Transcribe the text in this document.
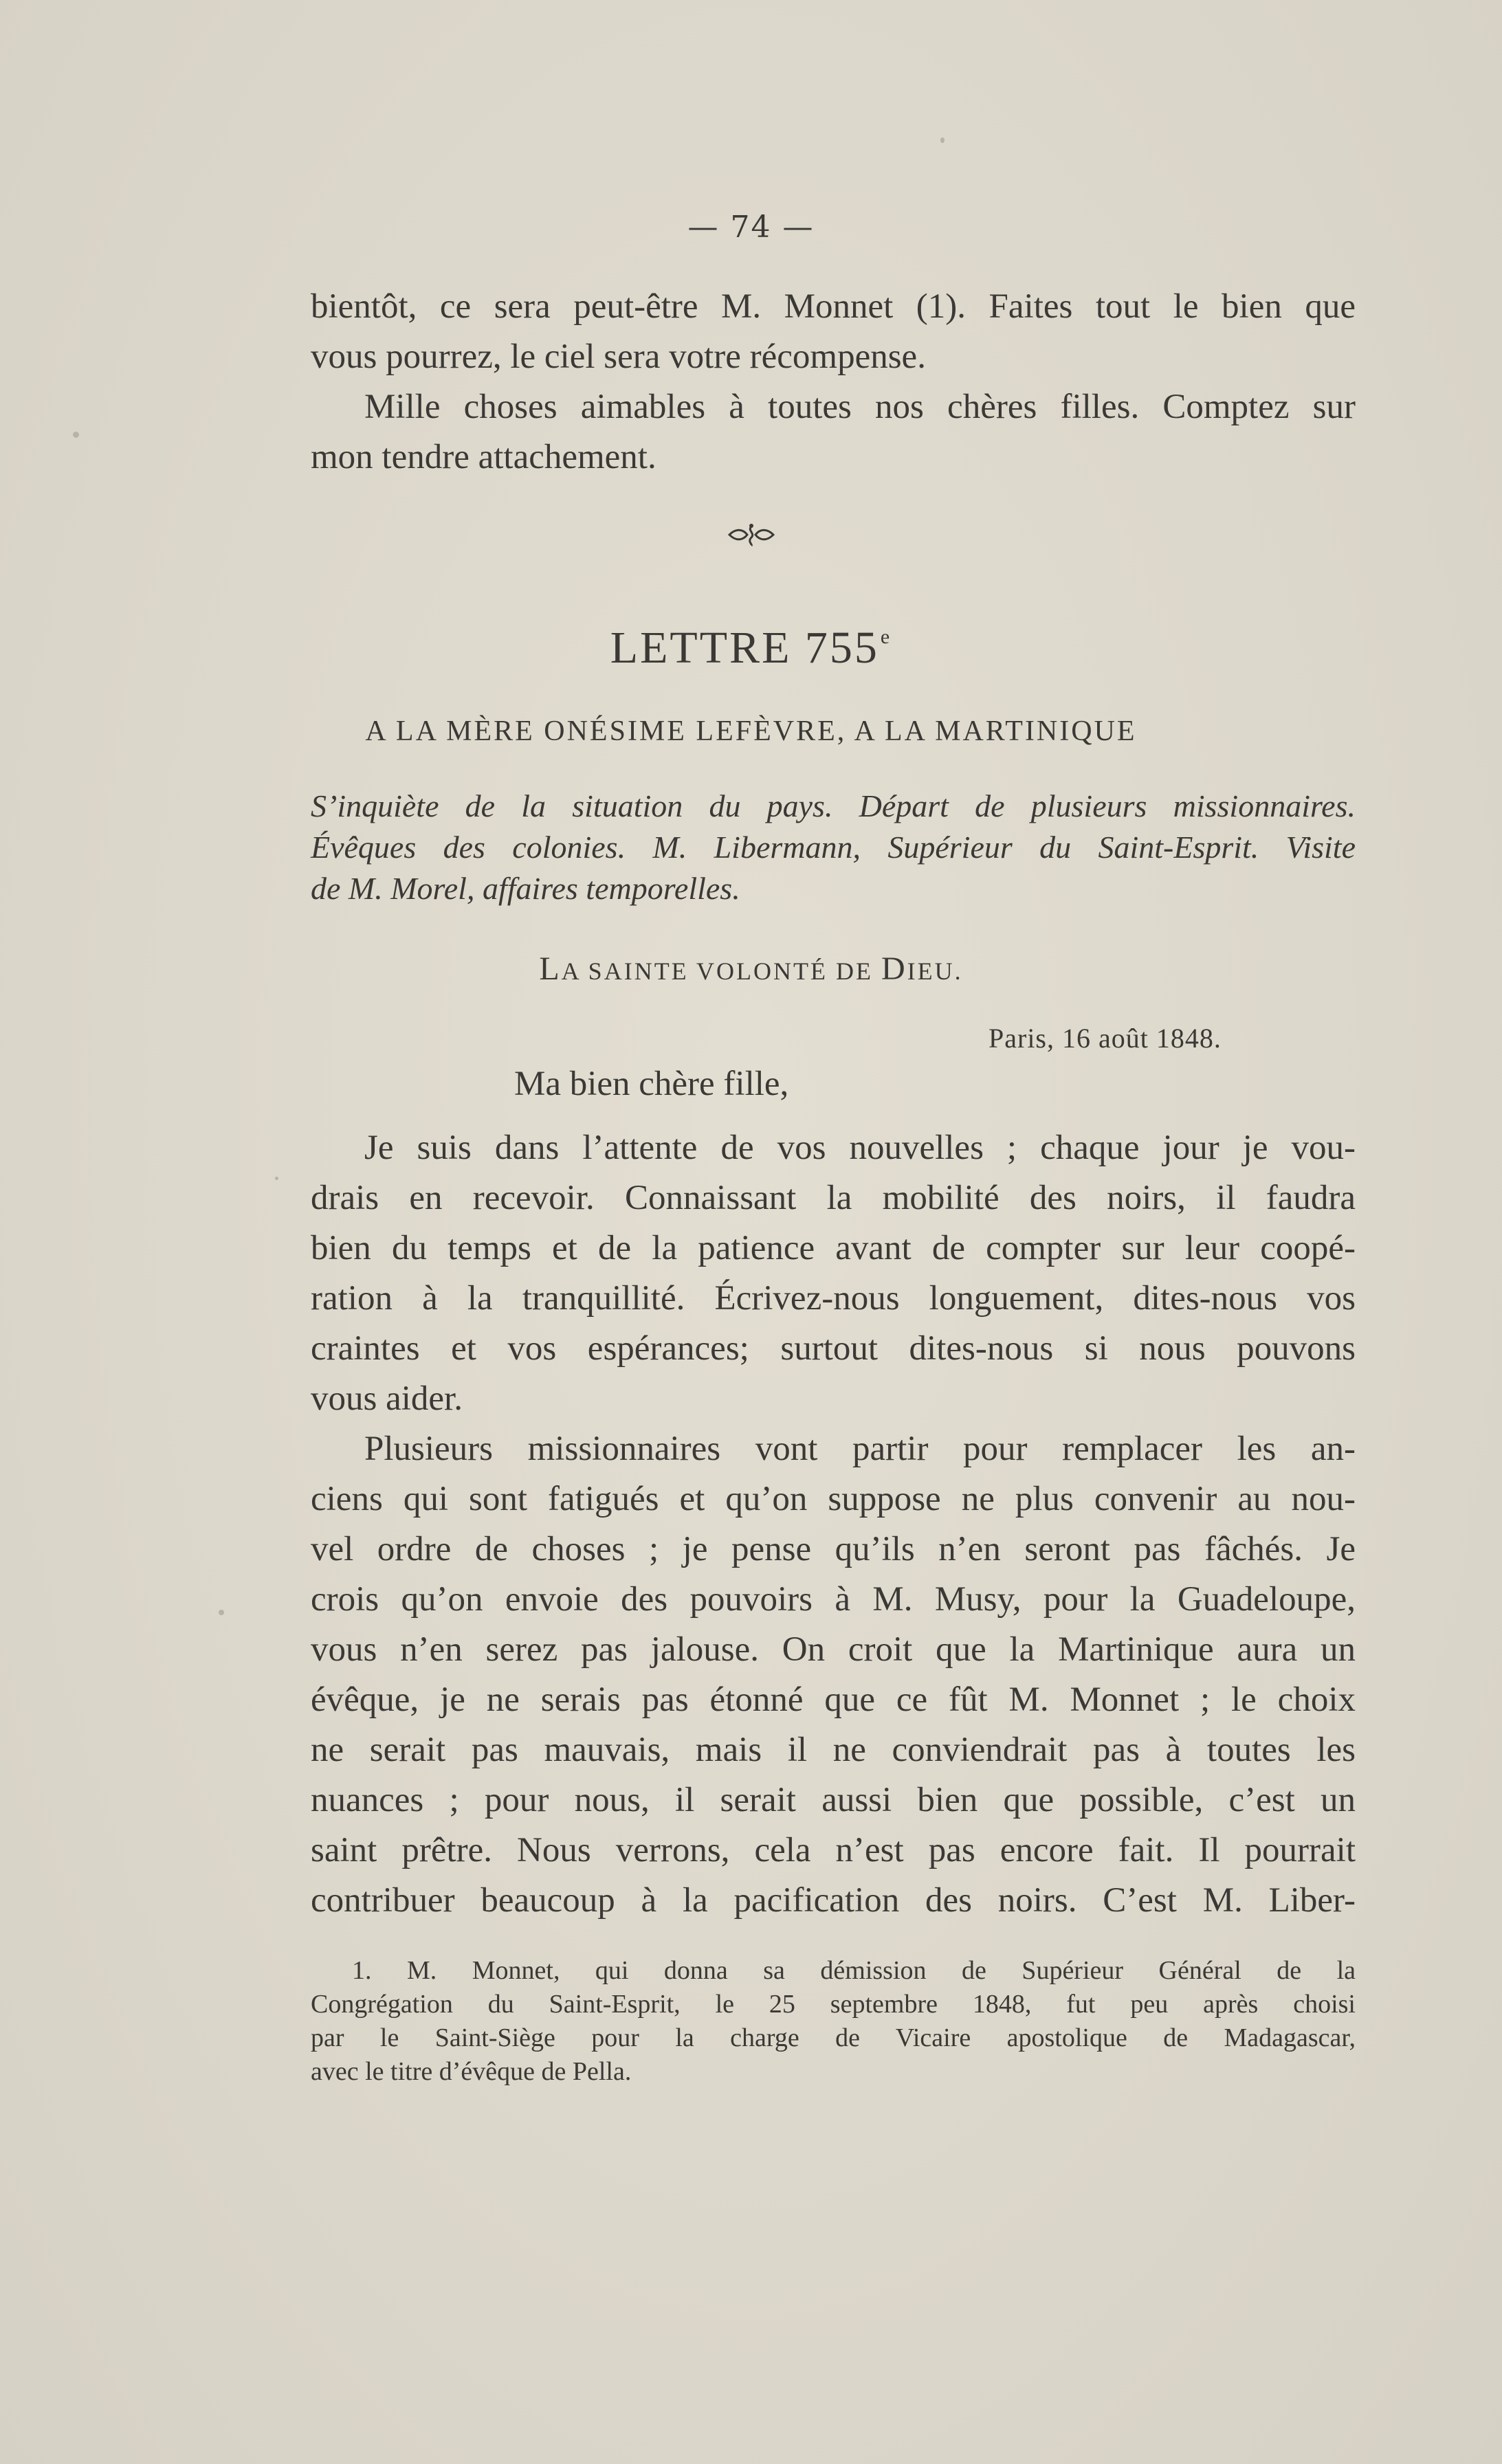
— 74 —

bientôt, ce sera peut-être M. Monnet (1). Faites tout le bien que
vous pourrez, le ciel sera votre récompense.

Mille choses aimables à toutes nos chères filles. Comptez sur
mon tendre attachement.

LETTRE 755e
A LA MÈRE ONÉSIME LEFÈVRE, A LA MARTINIQUE
S’inquiète de la situation du pays. Départ de plusieurs missionnaires.
Évêques des colonies. M. Libermann, Supérieur du Saint-Esprit. Visite
de M. Morel, affaires temporelles.
LA SAINTE VOLONTÉ DE DIEU.
Paris, 16 août 1848.
Ma bien chère fille,

Je suis dans l’attente de vos nouvelles ; chaque jour je vou-
drais en recevoir. Connaissant la mobilité des noirs, il faudra
bien du temps et de la patience avant de compter sur leur coopé-
ration à la tranquillité. Écrivez-nous longuement, dites-nous vos
craintes et vos espérances; surtout dites-nous si nous pouvons
vous aider.

Plusieurs missionnaires vont partir pour remplacer les an-
ciens qui sont fatigués et qu’on suppose ne plus convenir au nou-
vel ordre de choses ; je pense qu’ils n’en seront pas fâchés. Je
crois qu’on envoie des pouvoirs à M. Musy, pour la Guadeloupe,
vous n’en serez pas jalouse. On croit que la Martinique aura un
évêque, je ne serais pas étonné que ce fût M. Monnet ; le choix
ne serait pas mauvais, mais il ne conviendrait pas à toutes les
nuances ; pour nous, il serait aussi bien que possible, c’est un
saint prêtre. Nous verrons, cela n’est pas encore fait. Il pourrait
contribuer beaucoup à la pacification des noirs. C’est M. Liber-

1. M. Monnet, qui donna sa démission de Supérieur Général de la
Congrégation du Saint-Esprit, le 25 septembre 1848, fut peu après choisi
par le Saint-Siège pour la charge de Vicaire apostolique de Madagascar,
avec le titre d’évêque de Pella.
